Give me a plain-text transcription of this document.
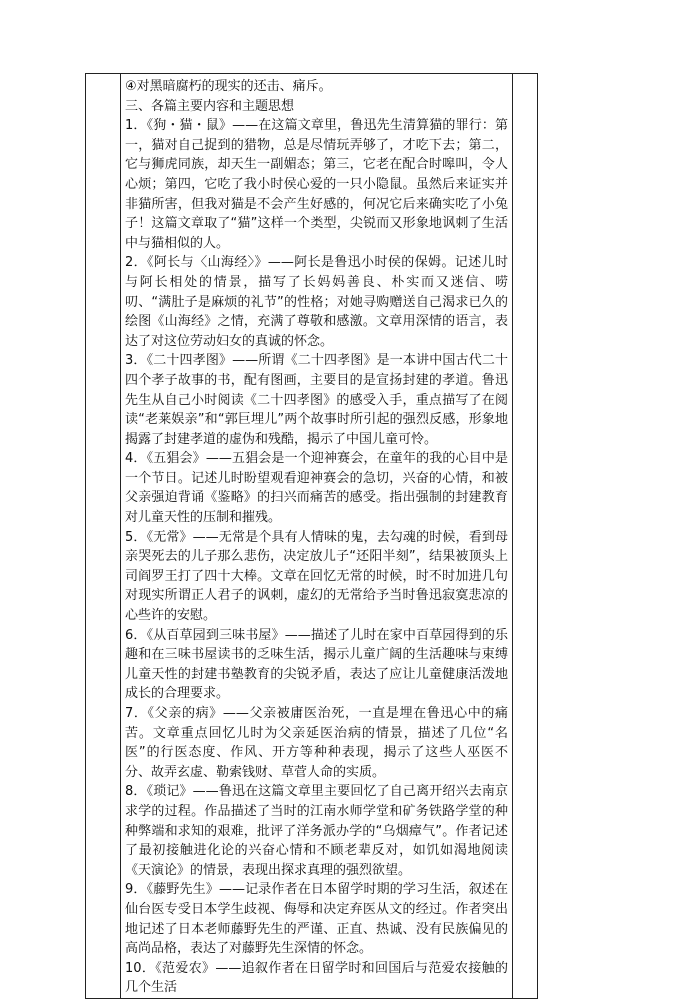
④对黑暗腐朽的现实的还击、痛斥。

三、各篇主要内容和主题思想

1．《狗・猫・鼠》——在这篇文章里，鲁迅先生清算猫的罪行：第一，猫对自己捉到的猎物，总是尽情玩弄够了，才吃下去；第二，它与狮虎同族，却天生一副媚态；第三，它老在配合时嗥叫，令人心烦；第四，它吃了我小时侯心爱的一只小隐鼠。虽然后来证实并非猫所害，但我对猫是不会产生好感的，何况它后来确实吃了小兔子！这篇文章取了“猫”这样一个类型，尖锐而又形象地讽刺了生活中与猫相似的人。

2．《阿长与〈山海经〉》——阿长是鲁迅小时侯的保姆。记述儿时与阿长相处的情景，描写了长妈妈善良、朴实而又迷信、唠叨、“满肚子是麻烦的礼节”的性格；对她寻购赠送自己渴求已久的绘图《山海经》之情，充满了尊敬和感激。文章用深情的语言，表达了对这位劳动妇女的真诚的怀念。

3．《二十四孝图》——所谓《二十四孝图》是一本讲中国古代二十四个孝子故事的书，配有图画，主要目的是宣扬封建的孝道。鲁迅先生从自己小时阅读《二十四孝图》的感受入手，重点描写了在阅读“老莱娱亲”和“郭巨埋儿”两个故事时所引起的强烈反感，形象地揭露了封建孝道的虚伪和残酷，揭示了中国儿童可怜。

4．《五猖会》——五猖会是一个迎神赛会，在童年的我的心目中是一个节日。记述儿时盼望观看迎神赛会的急切，兴奋的心情，和被父亲强迫背诵《鉴略》的扫兴而痛苦的感受。指出强制的封建教育对儿童天性的压制和摧残。

5．《无常》——无常是个具有人情味的鬼，去勾魂的时候，看到母亲哭死去的儿子那么悲伤，决定放儿子“还阳半刻”，结果被顶头上司阎罗王打了四十大棒。文章在回忆无常的时候，时不时加进几句对现实所谓正人君子的讽刺，虚幻的无常给予当时鲁迅寂寞悲凉的心些许的安慰。

6．《从百草园到三味书屋》——描述了儿时在家中百草园得到的乐趣和在三味书屋读书的乏味生活，揭示儿童广阔的生活趣味与束缚儿童天性的封建书塾教育的尖锐矛盾，表达了应让儿童健康活泼地成长的合理要求。

7．《父亲的病》——父亲被庸医治死，一直是埋在鲁迅心中的痛苦。文章重点回忆儿时为父亲延医治病的情景，描述了几位“名医”的行医态度、作风、开方等种种表现，揭示了这些人巫医不分、故弄玄虚、勒索钱财、草菅人命的实质。

8．《琐记》——鲁迅在这篇文章里主要回忆了自己离开绍兴去南京求学的过程。作品描述了当时的江南水师学堂和矿务铁路学堂的种种弊端和求知的艰难，批评了洋务派办学的“乌烟瘴气”。作者记述了最初接触进化论的兴奋心情和不顾老辈反对，如饥如渴地阅读《天演论》的情景，表现出探求真理的强烈欲望。

9．《藤野先生》——记录作者在日本留学时期的学习生活，叙述在仙台医专受日本学生歧视、侮辱和决定弃医从文的经过。作者突出地记述了日本老师藤野先生的严谨、正直、热诚、没有民族偏见的高尚品格，表达了对藤野先生深情的怀念。

10．《范爱农》——追叙作者在日留学时和回国后与范爱农接触的几个生活
